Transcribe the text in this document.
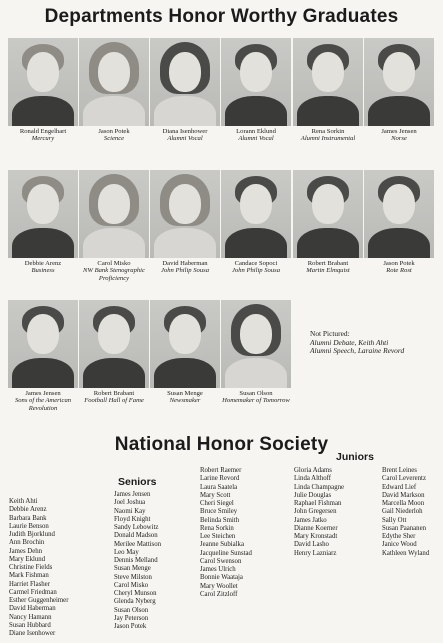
Departments Honor Worthy Graduates
Ronald Engelhart
Mercury
Jason Potek
Science
Diana Isenhower
Alumni Vocal
Lorann Eklund
Alumni Vocal
Rena Sorkin
Alumni Instrumental
James Jensen
Norse
Debbie Arenz
Business
Carol Misko
NW Bank Stenographic Proficiency
David Haberman
John Philip Sousa
Candace Sopoci
John Philip Sousa
Robert Brabant
Martin Elmquist
Jason Potek
Rote Rost
James Jensen
Sons of the American Revolution
Robert Brabant
Football Hall of Fame
Susan Menge
Newsmaker
Susan Olson
Homemaker of Tomorrow
Not Pictured:
Alumni Debate, Keith Ahti
Alumni Speech, Laraine Revord
National Honor Society
Seniors
Juniors
Keith Ahti
Debbie Arenz
Barbara Bank
Laurie Benson
Judith Bjorklund
Ann Brochin
James Dehn
Mary Eklund
Christine Fields
Mark Fishman
Harriet Flasher
Carmel Friedman
Esther Guggenheimer
David Haberman
Nancy Hamann
Susan Hubbard
Diane Isenhower
James Jensen
Joel Joshua
Naomi Kay
Floyd Knight
Sandy Lebowitz
Donald Madson
Merilee Mattison
Leo May
Dennis Melland
Susan Menge
Steve Milston
Carol Misko
Cheryl Munson
Glenda Nyberg
Susan Olson
Jay Peterson
Jason Potek
Robert Raemer
Larine Revord
Laura Saatela
Mary Scott
Cheri Siegel
Bruce Smiley
Belinda Smith
Rena Sorkin
Lee Steichen
Jeanne Subialka
Jacqueline Sunstad
Carol Swenson
James Ulrich
Bonnie Waataja
Mary Woollet
Carol Zitzloff
Gloria Adams
Linda Althoff
Linda Champagne
Julie Douglas
Raphael Fishman
John Gregersen
James Jatko
Dianne Koerner
Mary Kronstadt
David Lasho
Henry Lazniarz
Brent Leines
Carol Leverentz
Edward Lief
David Markson
Marcella Moon
Gail Niederloh
Sally Ott
Susan Paananen
Edythe Sher
Janice Wood
Kathleen Wyland
